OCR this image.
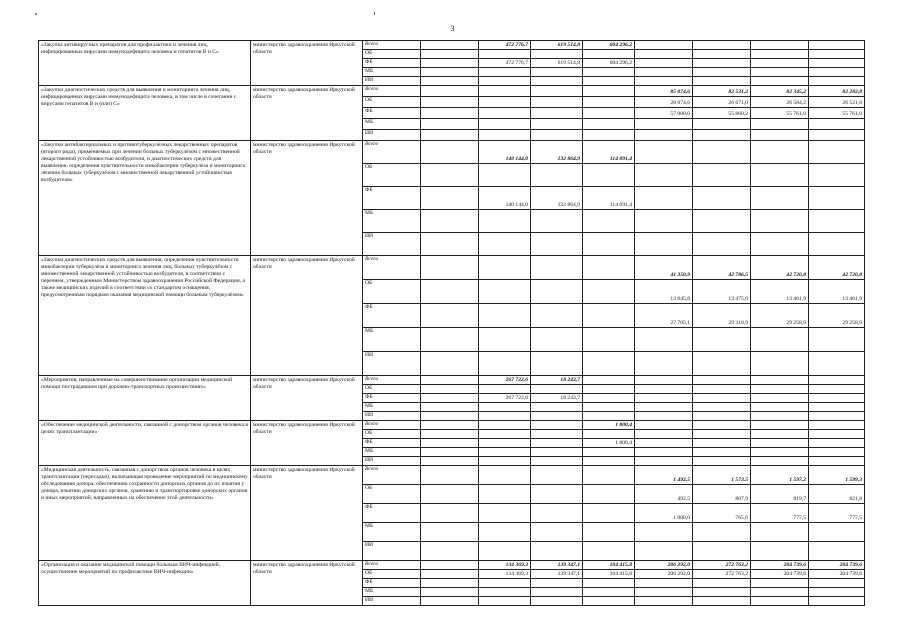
3
«Закупка антивирусных препаратов для профилактики и лечения лиц, инфицированных вирусами иммунодефицита человека и гепатитов В и С»	министерство здравоохранения Иркутской области	Всего		472 776,7	619 514,8	604 296,2				
		ОБ								
		ФБ		472 776,7	619 514,8	604 296,2				
		МБ								
		ИИ								
«Закупки диагностических средств для выявления и мониторинга лечения лиц, инфицированных вирусами иммунодефицита человека, в том числе в сочетании с вирусами гепатитов В и (или) С»	министерство здравоохранения Иркутской области	Всего					85 074,6	82 531,2	82 345,2	82 282,8
		ОБ					28 074,6	26 671,0	26 584,2	26 521,8
		ФБ					57 000,0	55 860,2	55 761,0	55 761,0
		МБ								
		ИИ								
«Закупки антибактериальных и противотуберкулёзных лекарственных препаратов (второго ряда), применяемых при лечении больных туберкулёзом с множественной лекарственной устойчивостью возбудителя, и диагностических средств для выявления, определения чувствительности микобактерии туберкулёза и мониторинга лечения больных туберкулёзом с множественной лекарственной устойчивостью возбудителя»	министерство здравоохранения Иркутской области	Всего		140 144,0	132 864,9	114 091,4				
		ОБ								
		ФБ		140 144,0	132 864,9	114 091,4				
		МБ								
		ИИ								
«Закупки диагностических средств для выявления, определения чувствительности микобактерии туберкулёза и мониторинга лечения лиц, больных туберкулёзом с множественной лекарственной устойчивостью возбудителя, в соответствии с перечнем, утвержденным Министерством здравоохранения Российской Федерации, а также медицинских изделий в соответствии со стандартом оснащения, предусмотренным порядком оказания медицинской помощи больным туберкулёзом»	министерство здравоохранения Иркутской области	Всего					41 350,9	42 786,5	42 720,8	42 720,8
		ОБ					13 645,8	13 475,6	13 461,9	13 461,9
		ФБ					27 705,1	29 310,9	29 258,9	29 258,9
		МБ								
		ИИ								
«Мероприятия, направленные на совершенствование организации медицинской помощи пострадавшим при дорожно-транспортных происшествиях»	министерство здравоохранения Иркутской области	Всего		267 722,6	18 243,7					
		ОБ								
		ФБ		267 722,6	18 243,7					
		МБ								
		ИИ								
«Обеспечение медицинской деятельности, связанной с донорством органов человека в целях трансплантации»	министерство здравоохранения Иркутской области	Всего				1 800,4				
		ОБ								
		ФБ				1 800,4				
		МБ								
		ИИ								
«Медицинская деятельность, связанная с донорством органов человека в целях трансплантации (пересадки), включающая проведение мероприятий по медицинскому обследованию донора, обеспечению сохранности донорских органов до их изъятия у донора, изъятию донорских органов, хранению и транспортировке донорских органов и иных мероприятий, направленных на обеспечение этой деятельности»	министерство здравоохранения Иркутской области	Всего					1 492,5	1 573,5	1 597,2	1 599,3
		ОБ					492,5	807,9	819,7	821,8
		ФБ					1 000,0	765,6	777,5	777,5
		МБ								
		ИИ								
«Организация и оказание медицинской помощи больным ВИЧ-инфекцией, осуществление мероприятий по профилактике ВИЧ-инфекции»	министерство здравоохранения Иркутской области	Всего		134 369,3	139 347,1	104 415,8	206 292,0	272 763,2	204 739,6	204 739,6
		ОБ		134 369,3	139 347,1	104 415,8	206 292,0	272 763,2	204 739,6	204 739,6
		ФБ								
		МБ								
		ИИ								
